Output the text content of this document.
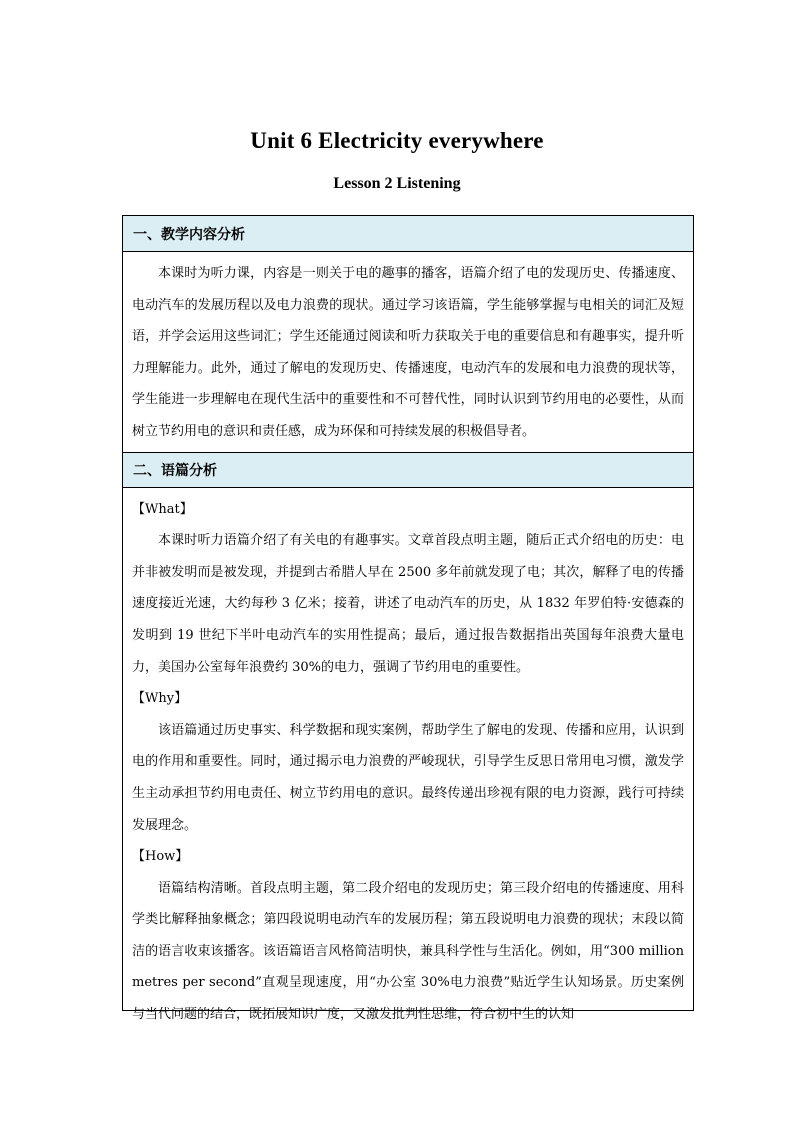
Unit 6 Electricity everywhere
Lesson 2 Listening
一、教学内容分析

本课时为听力课，内容是一则关于电的趣事的播客，语篇介绍了电的发现历史、传播速度、电动汽车的发展历程以及电力浪费的现状。通过学习该语篇，学生能够掌握与电相关的词汇及短语，并学会运用这些词汇；学生还能通过阅读和听力获取关于电的重要信息和有趣事实，提升听力理解能力。此外，通过了解电的发现历史、传播速度，电动汽车的发展和电力浪费的现状等，学生能进一步理解电在现代生活中的重要性和不可替代性，同时认识到节约用电的必要性，从而树立节约用电的意识和责任感，成为环保和可持续发展的积极倡导者。

二、语篇分析

【What】

本课时听力语篇介绍了有关电的有趣事实。文章首段点明主题，随后正式介绍电的历史：电并非被发明而是被发现，并提到古希腊人早在 2500 多年前就发现了电；其次，解释了电的传播速度接近光速，大约每秒 3 亿米；接着，讲述了电动汽车的历史，从 1832 年罗伯特·安德森的发明到 19 世纪下半叶电动汽车的实用性提高；最后，通过报告数据指出英国每年浪费大量电力，美国办公室每年浪费约 30%的电力，强调了节约用电的重要性。

【Why】

该语篇通过历史事实、科学数据和现实案例，帮助学生了解电的发现、传播和应用，认识到电的作用和重要性。同时，通过揭示电力浪费的严峻现状，引导学生反思日常用电习惯，激发学生主动承担节约用电责任、树立节约用电的意识。最终传递出珍视有限的电力资源，践行可持续发展理念。

【How】

语篇结构清晰。首段点明主题，第二段介绍电的发现历史；第三段介绍电的传播速度、用科学类比解释抽象概念；第四段说明电动汽车的发展历程；第五段说明电力浪费的现状；末段以简洁的语言收束该播客。该语篇语言风格简洁明快，兼具科学性与生活化。例如，用“300 million metres per second”直观呈现速度，用“办公室 30%电力浪费”贴近学生认知场景。历史案例与当代问题的结合，既拓展知识广度，又激发批判性思维，符合初中生的认知
